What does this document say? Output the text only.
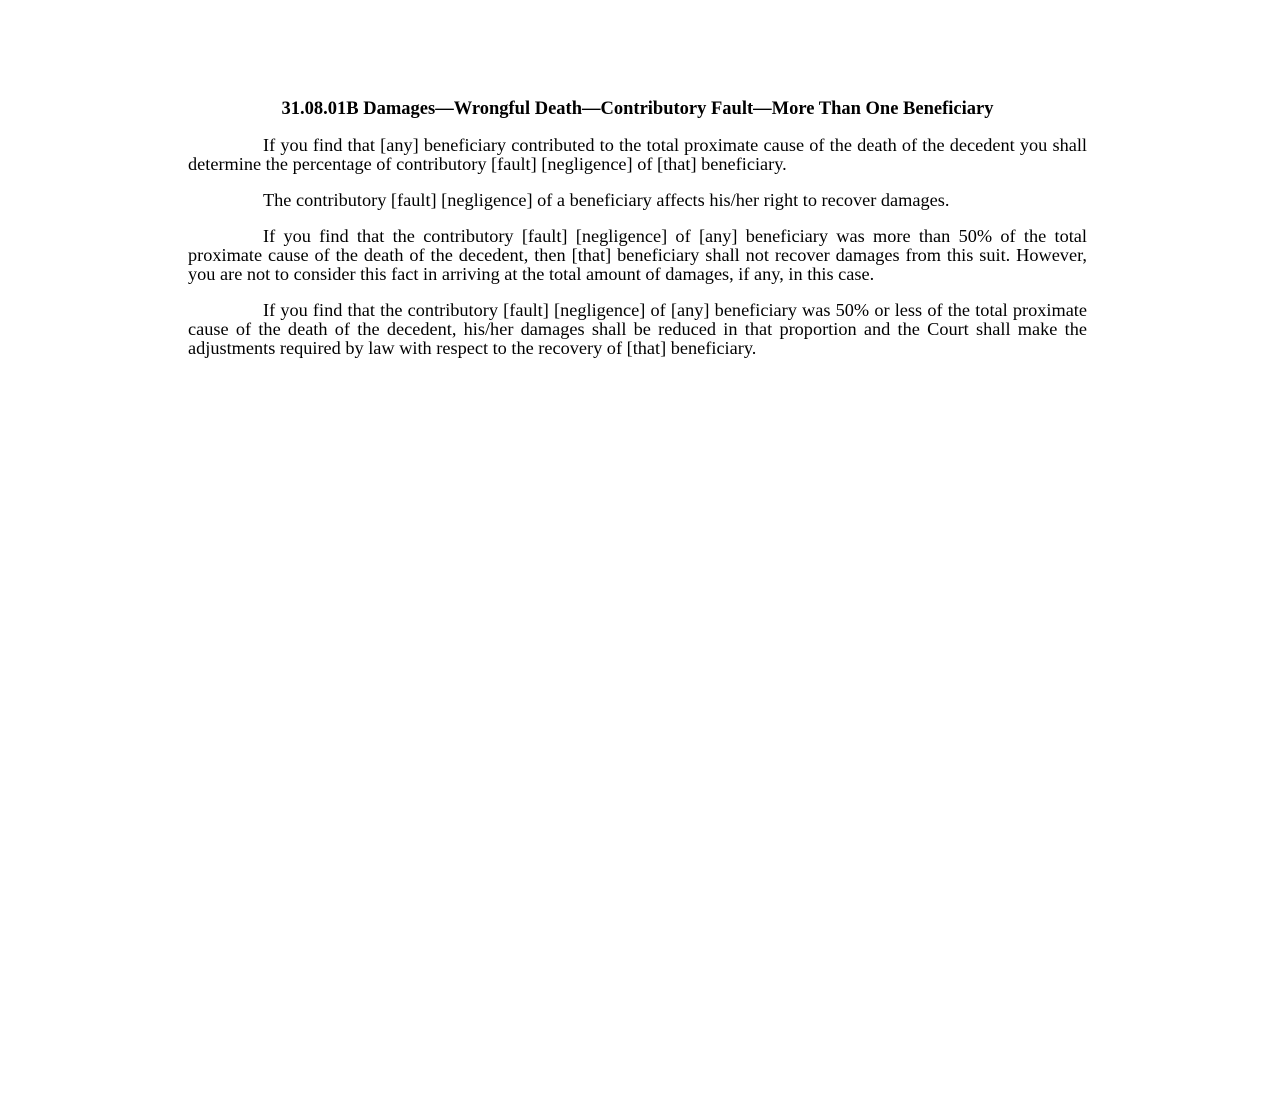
31.08.01B Damages—Wrongful Death—Contributory Fault—More Than One Beneficiary

If you find that [any] beneficiary contributed to the total proximate cause of the death of the decedent you shall determine the percentage of contributory [fault] [negligence] of [that] beneficiary.

The contributory [fault] [negligence] of a beneficiary affects his/her right to recover damages.

If you find that the contributory [fault] [negligence] of [any] beneficiary was more than 50% of the total proximate cause of the death of the decedent, then [that] beneficiary shall not recover damages from this suit. However, you are not to consider this fact in arriving at the total amount of damages, if any, in this case.

If you find that the contributory [fault] [negligence] of [any] beneficiary was 50% or less of the total proximate cause of the death of the decedent, his/her damages shall be reduced in that proportion and the Court shall make the adjustments required by law with respect to the recovery of [that] beneficiary.
